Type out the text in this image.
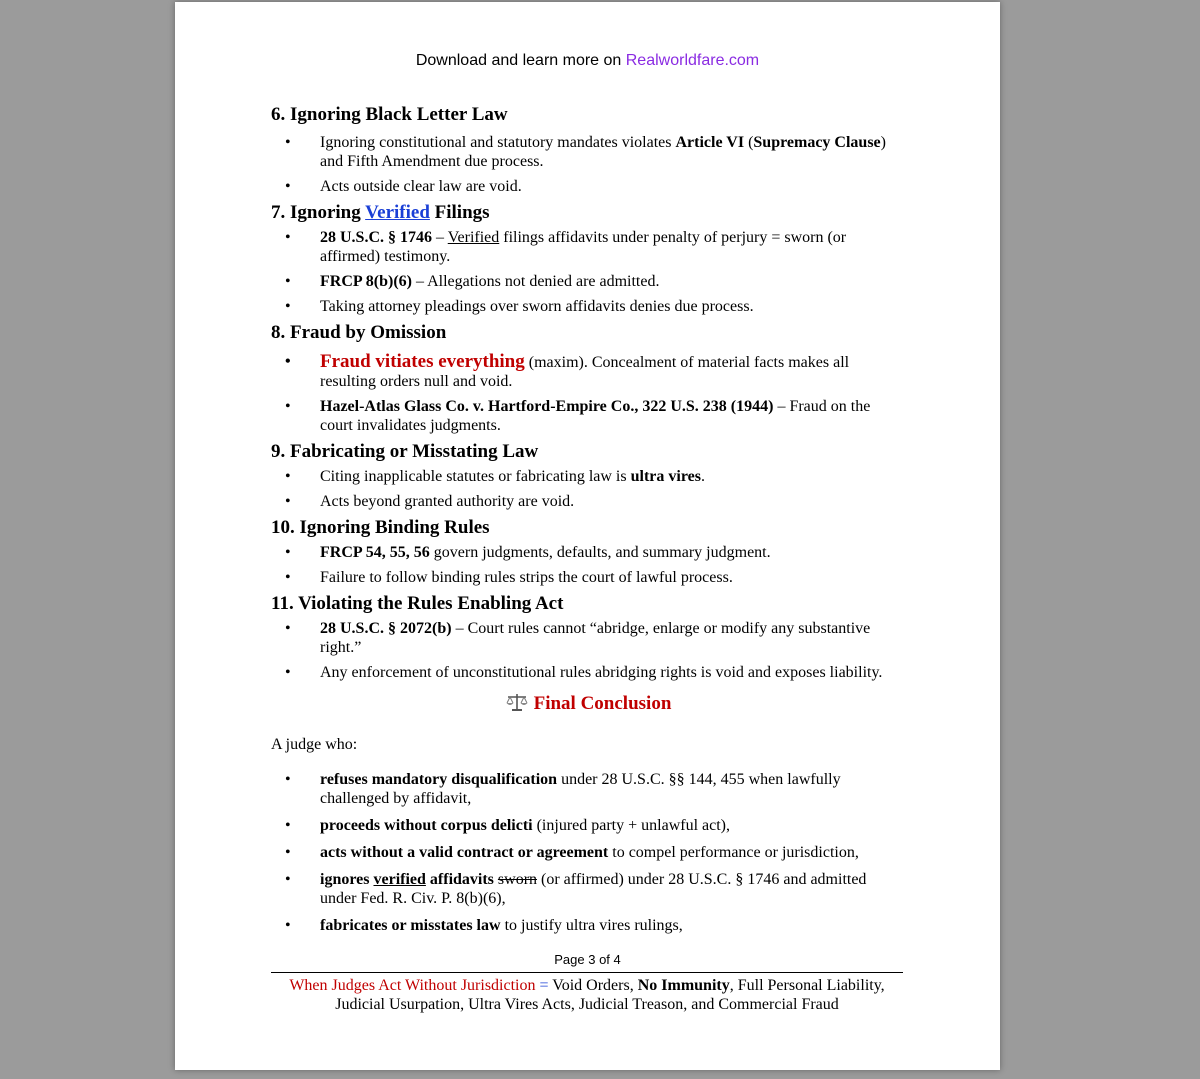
Download and learn more on Realworldfare.com
6. Ignoring Black Letter Law
• Ignoring constitutional and statutory mandates violates Article VI (Supremacy Clause)
and Fifth Amendment due process.
• Acts outside clear law are void.
7. Ignoring Verified Filings
• 28 U.S.C. § 1746 – Verified filings affidavits under penalty of perjury = sworn (or
affirmed) testimony.
• FRCP 8(b)(6) – Allegations not denied are admitted.
• Taking attorney pleadings over sworn affidavits denies due process.
8. Fraud by Omission
• Fraud vitiates everything (maxim). Concealment of material facts makes all
resulting orders null and void.
• Hazel-Atlas Glass Co. v. Hartford-Empire Co., 322 U.S. 238 (1944) – Fraud on the
court invalidates judgments.
9. Fabricating or Misstating Law
• Citing inapplicable statutes or fabricating law is ultra vires.
• Acts beyond granted authority are void.
10. Ignoring Binding Rules
• FRCP 54, 55, 56 govern judgments, defaults, and summary judgment.
• Failure to follow binding rules strips the court of lawful process.
11. Violating the Rules Enabling Act
• 28 U.S.C. § 2072(b) – Court rules cannot “abridge, enlarge or modify any substantive
right.”
• Any enforcement of unconstitutional rules abridging rights is void and exposes liability.
Final Conclusion
A judge who:
• refuses mandatory disqualification under 28 U.S.C. §§ 144, 455 when lawfully
challenged by affidavit,
• proceeds without corpus delicti (injured party + unlawful act),
• acts without a valid contract or agreement to compel performance or jurisdiction,
• ignores verified affidavits sworn (or affirmed) under 28 U.S.C. § 1746 and admitted
under Fed. R. Civ. P. 8(b)(6),
• fabricates or misstates law to justify ultra vires rulings,
Page 3 of 4
When Judges Act Without Jurisdiction = Void Orders, No Immunity, Full Personal Liability,
Judicial Usurpation, Ultra Vires Acts, Judicial Treason, and Commercial Fraud
